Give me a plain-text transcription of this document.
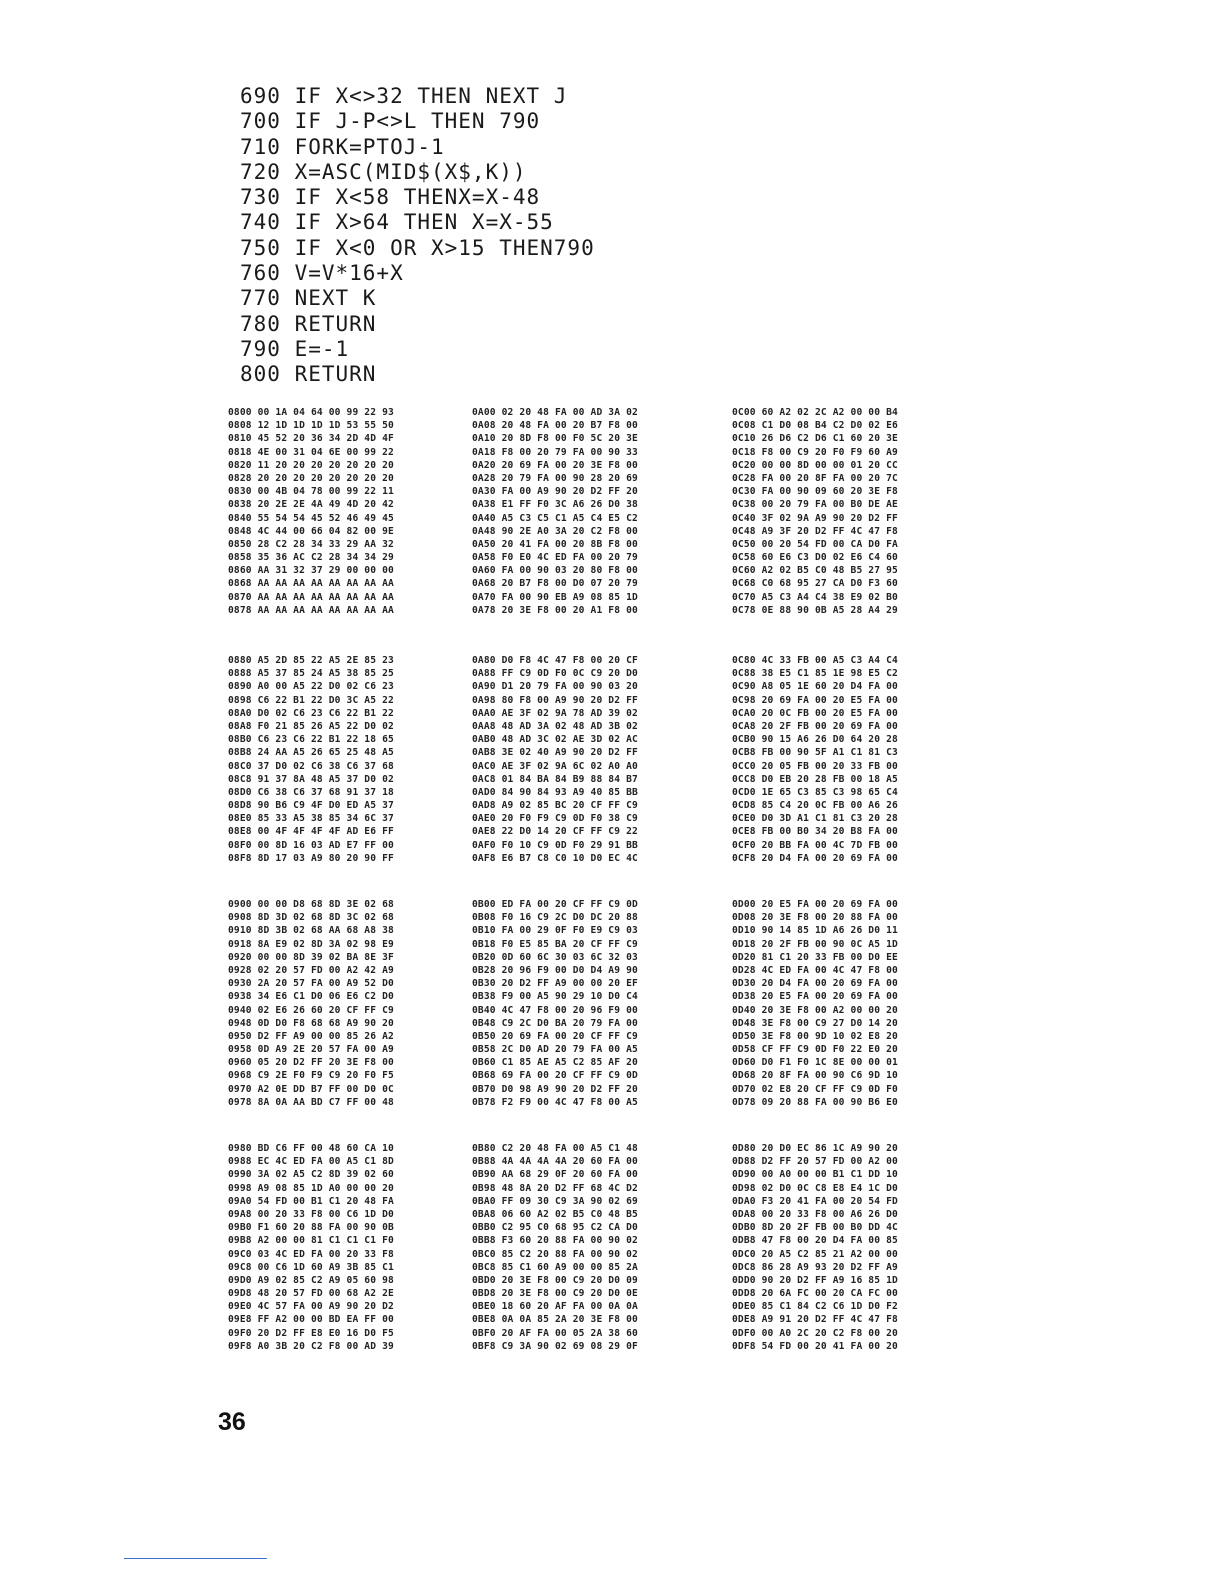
690 IF X<>32 THEN NEXT J
700 IF J-P<>L THEN 790
710 FORK=PTOJ-1
720 X=ASC(MID$(X$,K))
730 IF X<58 THENX=X-48
740 IF X>64 THEN X=X-55
750 IF X<0 OR X>15 THEN790
760 V=V*16+X
770 NEXT K
780 RETURN
790 E=-1
800 RETURN
0800 00 1A 04 64 00 99 22 93
0808 12 1D 1D 1D 1D 53 55 50
0810 45 52 20 36 34 2D 4D 4F
0818 4E 00 31 04 6E 00 99 22
0820 11 20 20 20 20 20 20 20
0828 20 20 20 20 20 20 20 20
0830 00 4B 04 78 00 99 22 11
0838 20 2E 2E 4A 49 4D 20 42
0840 55 54 54 45 52 46 49 45
0848 4C 44 00 66 04 82 00 9E
0850 28 C2 28 34 33 29 AA 32
0858 35 36 AC C2 28 34 34 29
0860 AA 31 32 37 29 00 00 00
0868 AA AA AA AA AA AA AA AA
0870 AA AA AA AA AA AA AA AA
0878 AA AA AA AA AA AA AA AA
0A00 02 20 48 FA 00 AD 3A 02
0A08 20 48 FA 00 20 B7 F8 00
0A10 20 8D F8 00 F0 5C 20 3E
0A18 F8 00 20 79 FA 00 90 33
0A20 20 69 FA 00 20 3E F8 00
0A28 20 79 FA 00 90 28 20 69
0A30 FA 00 A9 90 20 D2 FF 20
0A38 E1 FF F0 3C A6 26 D0 38
0A40 A5 C3 C5 C1 A5 C4 E5 C2
0A48 90 2E A0 3A 20 C2 F8 00
0A50 20 41 FA 00 20 8B F8 00
0A58 F0 E0 4C ED FA 00 20 79
0A60 FA 00 90 03 20 80 F8 00
0A68 20 B7 F8 00 D0 07 20 79
0A70 FA 00 90 EB A9 08 85 1D
0A78 20 3E F8 00 20 A1 F8 00
0C00 60 A2 02 2C A2 00 00 B4
0C08 C1 D0 08 B4 C2 D0 02 E6
0C10 26 D6 C2 D6 C1 60 20 3E
0C18 F8 00 C9 20 F0 F9 60 A9
0C20 00 00 8D 00 00 01 20 CC
0C28 FA 00 20 8F FA 00 20 7C
0C30 FA 00 90 09 60 20 3E F8
0C38 00 20 79 FA 00 B0 DE AE
0C40 3F 02 9A A9 90 20 D2 FF
0C48 A9 3F 20 D2 FF 4C 47 F8
0C50 00 20 54 FD 00 CA D0 FA
0C58 60 E6 C3 D0 02 E6 C4 60
0C60 A2 02 B5 C0 48 B5 27 95
0C68 C0 68 95 27 CA D0 F3 60
0C70 A5 C3 A4 C4 38 E9 02 B0
0C78 0E 88 90 0B A5 28 A4 29
0880 A5 2D 85 22 A5 2E 85 23
0888 A5 37 85 24 A5 38 85 25
0890 A0 00 A5 22 D0 02 C6 23
0898 C6 22 B1 22 D0 3C A5 22
08A0 D0 02 C6 23 C6 22 B1 22
08A8 F0 21 85 26 A5 22 D0 02
08B0 C6 23 C6 22 B1 22 18 65
08B8 24 AA A5 26 65 25 48 A5
08C0 37 D0 02 C6 38 C6 37 68
08C8 91 37 8A 48 A5 37 D0 02
08D0 C6 38 C6 37 68 91 37 18
08D8 90 B6 C9 4F D0 ED A5 37
08E0 85 33 A5 38 85 34 6C 37
08E8 00 4F 4F 4F 4F AD E6 FF
08F0 00 8D 16 03 AD E7 FF 00
08F8 8D 17 03 A9 80 20 90 FF
0A80 D0 F8 4C 47 F8 00 20 CF
0A88 FF C9 0D F0 0C C9 20 D0
0A90 D1 20 79 FA 00 90 03 20
0A98 80 F8 00 A9 90 20 D2 FF
0AA0 AE 3F 02 9A 78 AD 39 02
0AA8 48 AD 3A 02 48 AD 3B 02
0AB0 48 AD 3C 02 AE 3D 02 AC
0AB8 3E 02 40 A9 90 20 D2 FF
0AC0 AE 3F 02 9A 6C 02 A0 A0
0AC8 01 84 BA 84 B9 88 84 B7
0AD0 84 90 84 93 A9 40 85 BB
0AD8 A9 02 85 BC 20 CF FF C9
0AE0 20 F0 F9 C9 0D F0 38 C9
0AE8 22 D0 14 20 CF FF C9 22
0AF0 F0 10 C9 0D F0 29 91 BB
0AF8 E6 B7 C8 C0 10 D0 EC 4C
0C80 4C 33 FB 00 A5 C3 A4 C4
0C88 38 E5 C1 85 1E 98 E5 C2
0C90 A8 05 1E 60 20 D4 FA 00
0C98 20 69 FA 00 20 E5 FA 00
0CA0 20 0C FB 00 20 E5 FA 00
0CA8 20 2F FB 00 20 69 FA 00
0CB0 90 15 A6 26 D0 64 20 28
0CB8 FB 00 90 5F A1 C1 81 C3
0CC0 20 05 FB 00 20 33 FB 00
0CC8 D0 EB 20 28 FB 00 18 A5
0CD0 1E 65 C3 85 C3 98 65 C4
0CD8 85 C4 20 0C FB 00 A6 26
0CE0 D0 3D A1 C1 81 C3 20 28
0CE8 FB 00 B0 34 20 B8 FA 00
0CF0 20 BB FA 00 4C 7D FB 00
0CF8 20 D4 FA 00 20 69 FA 00
0900 00 00 D8 68 8D 3E 02 68
0908 8D 3D 02 68 8D 3C 02 68
0910 8D 3B 02 68 AA 68 A8 38
0918 8A E9 02 8D 3A 02 98 E9
0920 00 00 8D 39 02 BA 8E 3F
0928 02 20 57 FD 00 A2 42 A9
0930 2A 20 57 FA 00 A9 52 D0
0938 34 E6 C1 D0 06 E6 C2 D0
0940 02 E6 26 60 20 CF FF C9
0948 0D D0 F8 68 68 A9 90 20
0950 D2 FF A9 00 00 85 26 A2
0958 0D A9 2E 20 57 FA 00 A9
0960 05 20 D2 FF 20 3E F8 00
0968 C9 2E F0 F9 C9 20 F0 F5
0970 A2 0E DD B7 FF 00 D0 0C
0978 8A 0A AA BD C7 FF 00 48
0B00 ED FA 00 20 CF FF C9 0D
0B08 F0 16 C9 2C D0 DC 20 88
0B10 FA 00 29 0F F0 E9 C9 03
0B18 F0 E5 85 BA 20 CF FF C9
0B20 0D 60 6C 30 03 6C 32 03
0B28 20 96 F9 00 D0 D4 A9 90
0B30 20 D2 FF A9 00 00 20 EF
0B38 F9 00 A5 90 29 10 D0 C4
0B40 4C 47 F8 00 20 96 F9 00
0B48 C9 2C D0 BA 20 79 FA 00
0B50 20 69 FA 00 20 CF FF C9
0B58 2C D0 AD 20 79 FA 00 A5
0B60 C1 85 AE A5 C2 85 AF 20
0B68 69 FA 00 20 CF FF C9 0D
0B70 D0 98 A9 90 20 D2 FF 20
0B78 F2 F9 00 4C 47 F8 00 A5
0D00 20 E5 FA 00 20 69 FA 00
0D08 20 3E F8 00 20 88 FA 00
0D10 90 14 85 1D A6 26 D0 11
0D18 20 2F FB 00 90 0C A5 1D
0D20 81 C1 20 33 FB 00 D0 EE
0D28 4C ED FA 00 4C 47 F8 00
0D30 20 D4 FA 00 20 69 FA 00
0D38 20 E5 FA 00 20 69 FA 00
0D40 20 3E F8 00 A2 00 00 20
0D48 3E F8 00 C9 27 D0 14 20
0D50 3E F8 00 9D 10 02 E8 20
0D58 CF FF C9 0D F0 22 E0 20
0D60 D0 F1 F0 1C 8E 00 00 01
0D68 20 8F FA 00 90 C6 9D 10
0D70 02 E8 20 CF FF C9 0D F0
0D78 09 20 88 FA 00 90 B6 E0
0980 BD C6 FF 00 48 60 CA 10
0988 EC 4C ED FA 00 A5 C1 8D
0990 3A 02 A5 C2 8D 39 02 60
0998 A9 08 85 1D A0 00 00 20
09A0 54 FD 00 B1 C1 20 48 FA
09A8 00 20 33 F8 00 C6 1D D0
09B0 F1 60 20 88 FA 00 90 0B
09B8 A2 00 00 81 C1 C1 C1 F0
09C0 03 4C ED FA 00 20 33 F8
09C8 00 C6 1D 60 A9 3B 85 C1
09D0 A9 02 85 C2 A9 05 60 98
09D8 48 20 57 FD 00 68 A2 2E
09E0 4C 57 FA 00 A9 90 20 D2
09E8 FF A2 00 00 BD EA FF 00
09F0 20 D2 FF E8 E0 16 D0 F5
09F8 A0 3B 20 C2 F8 00 AD 39
0B80 C2 20 48 FA 00 A5 C1 48
0B88 4A 4A 4A 4A 20 60 FA 00
0B90 AA 68 29 0F 20 60 FA 00
0B98 48 8A 20 D2 FF 68 4C D2
0BA0 FF 09 30 C9 3A 90 02 69
0BA8 06 60 A2 02 B5 C0 48 B5
0BB0 C2 95 C0 68 95 C2 CA D0
0BB8 F3 60 20 88 FA 00 90 02
0BC0 85 C2 20 88 FA 00 90 02
0BC8 85 C1 60 A9 00 00 85 2A
0BD0 20 3E F8 00 C9 20 D0 09
0BD8 20 3E F8 00 C9 20 D0 0E
0BE0 18 60 20 AF FA 00 0A 0A
0BE8 0A 0A 85 2A 20 3E F8 00
0BF0 20 AF FA 00 05 2A 38 60
0BF8 C9 3A 90 02 69 08 29 0F
0D80 20 D0 EC 86 1C A9 90 20
0D88 D2 FF 20 57 FD 00 A2 00
0D90 00 A0 00 00 B1 C1 DD 10
0D98 02 D0 0C C8 E8 E4 1C D0
0DA0 F3 20 41 FA 00 20 54 FD
0DA8 00 20 33 F8 00 A6 26 D0
0DB0 8D 20 2F FB 00 B0 DD 4C
0DB8 47 F8 00 20 D4 FA 00 85
0DC0 20 A5 C2 85 21 A2 00 00
0DC8 86 28 A9 93 20 D2 FF A9
0DD0 90 20 D2 FF A9 16 85 1D
0DD8 20 6A FC 00 20 CA FC 00
0DE0 85 C1 84 C2 C6 1D D0 F2
0DE8 A9 91 20 D2 FF 4C 47 F8
0DF0 00 A0 2C 20 C2 F8 00 20
0DF8 54 FD 00 20 41 FA 00 20
36
